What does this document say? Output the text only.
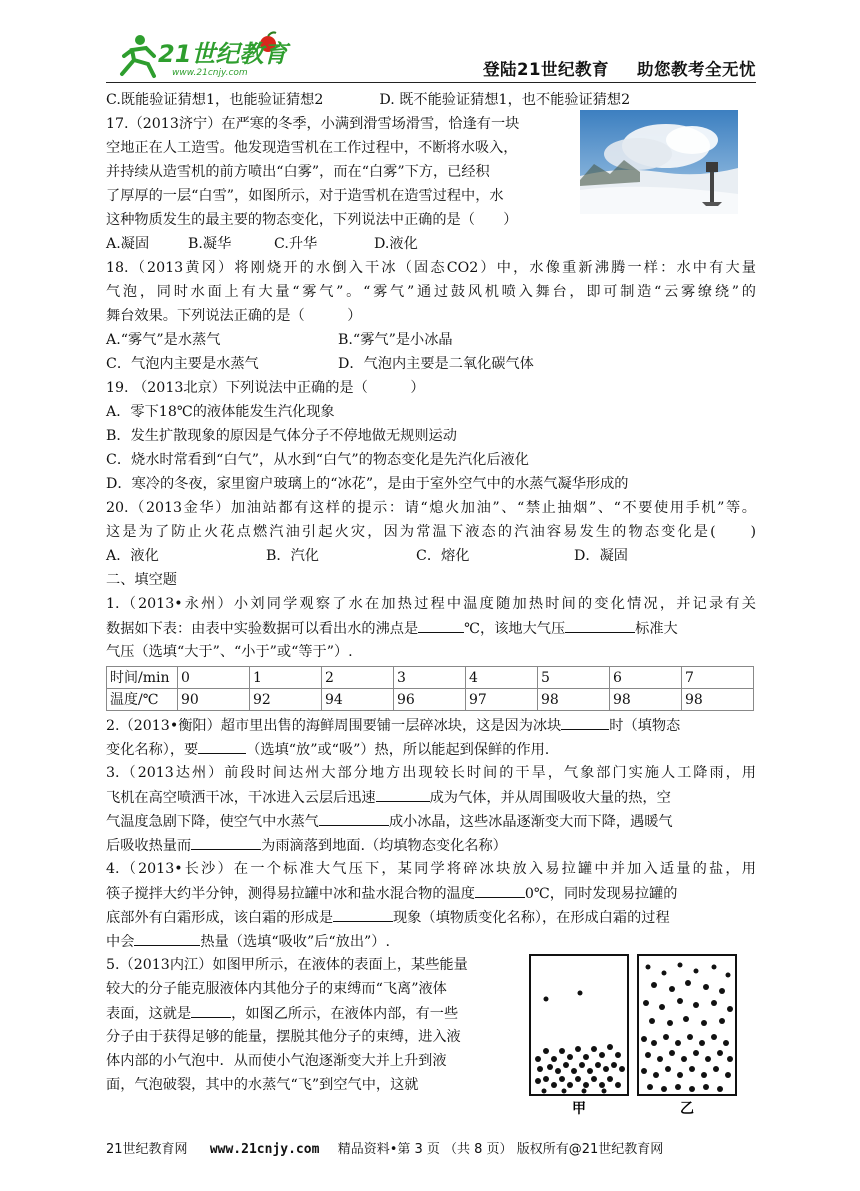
21世纪教育
www.21cnjy.com	登陆21世纪教育 助您教考全无忧
C.既能验证猜想1，也能验证猜想2	D. 既不能验证猜想1，也不能验证猜想2
17.（2013济宁）在严寒的冬季，小满到滑雪场滑雪，恰逢有一块
空地正在人工造雪。他发现造雪机在工作过程中，不断将水吸入，
并持续从造雪机的前方喷出“白雾”，而在“白雾”下方，已经积
了厚厚的一层“白雪”，如图所示，对于造雪机在造雪过程中，水
这种物质发生的最主要的物态变化，下列说法中正确的是（　　）
A.凝固	B.凝华	C.升华	D.液化
18.（2013黄冈）将刚烧开的水倒入干冰（固态CO2）中，水像重新沸腾一样：水中有大量
气泡，同时水面上有大量“雾气”。“雾气”通过鼓风机喷入舞台，即可制造“云雾缭绕”的
舞台效果。下列说法正确的是（　　　）
A.“雾气”是水蒸气	B.“雾气”是小冰晶
C．气泡内主要是水蒸气	D．气泡内主要是二氧化碳气体
19. （2013北京）下列说法中正确的是（　　　）
A．零下18℃的液体能发生汽化现象
B．发生扩散现象的原因是气体分子不停地做无规则运动
C．烧水时常看到“白气”，从水到“白气”的物态变化是先汽化后液化
D．寒冷的冬夜，家里窗户玻璃上的“冰花”，是由于室外空气中的水蒸气凝华形成的
20.（2013金华）加油站都有这样的提示：请“熄火加油”、“禁止抽烟”、“不要使用手机”等。
这是为了防止火花点燃汽油引起火灾，因为常温下液态的汽油容易发生的物态变化是(　　)
A．液化	B．汽化	C．熔化	D．凝固
二、填空题
1.（2013•永州）小刘同学观察了水在加热过程中温度随加热时间的变化情况，并记录有关
数据如下表：由表中实验数据可以看出水的沸点是	℃，该地大气压	标准大
气压（选填“大于”、“小于”或“等于”）.
时间/min	0	1	2	3	4	5	6	7
温度/℃	90	92	94	96	97	98	98	98
2.（2013•衡阳）超市里出售的海鲜周围要铺一层碎冰块，这是因为冰块	时（填物态
变化名称），要	（选填“放”或“吸”）热，所以能起到保鲜的作用.
3.（2013达州）前段时间达州大部分地方出现较长时间的干旱，气象部门实施人工降雨，用
飞机在高空喷洒干冰，干冰进入云层后迅速	成为气体，并从周围吸收大量的热，空
气温度急剧下降，使空气中水蒸气	成小冰晶，这些冰晶逐渐变大而下降，遇暖气
后吸收热量而	为雨滴落到地面.（均填物态变化名称）
4.（2013•长沙）在一个标准大气压下，某同学将碎冰块放入易拉罐中并加入适量的盐，用
筷子搅拌大约半分钟，测得易拉罐中冰和盐水混合物的温度	0℃，同时发现易拉罐的
底部外有白霜形成，该白霜的形成是	现象（填物质变化名称），在形成白霜的过程
中会	热量（选填“吸收”后“放出”）.
5.（2013内江）如图甲所示，在液体的表面上，某些能量
较大的分子能克服液体内其他分子的束缚而“飞离”液体
表面，这就是	，如图乙所示，在液体内部，有一些
分子由于获得足够的能量，摆脱其他分子的束缚，进入液
体内部的小气泡中．从而使小气泡逐渐变大并上升到液
面，气泡破裂，其中的水蒸气“飞”到空气中，这就
甲	乙
21世纪教育网 www.21cnjy.com 精品资料•第 3 页 （共 8 页） 版权所有@21世纪教育网
